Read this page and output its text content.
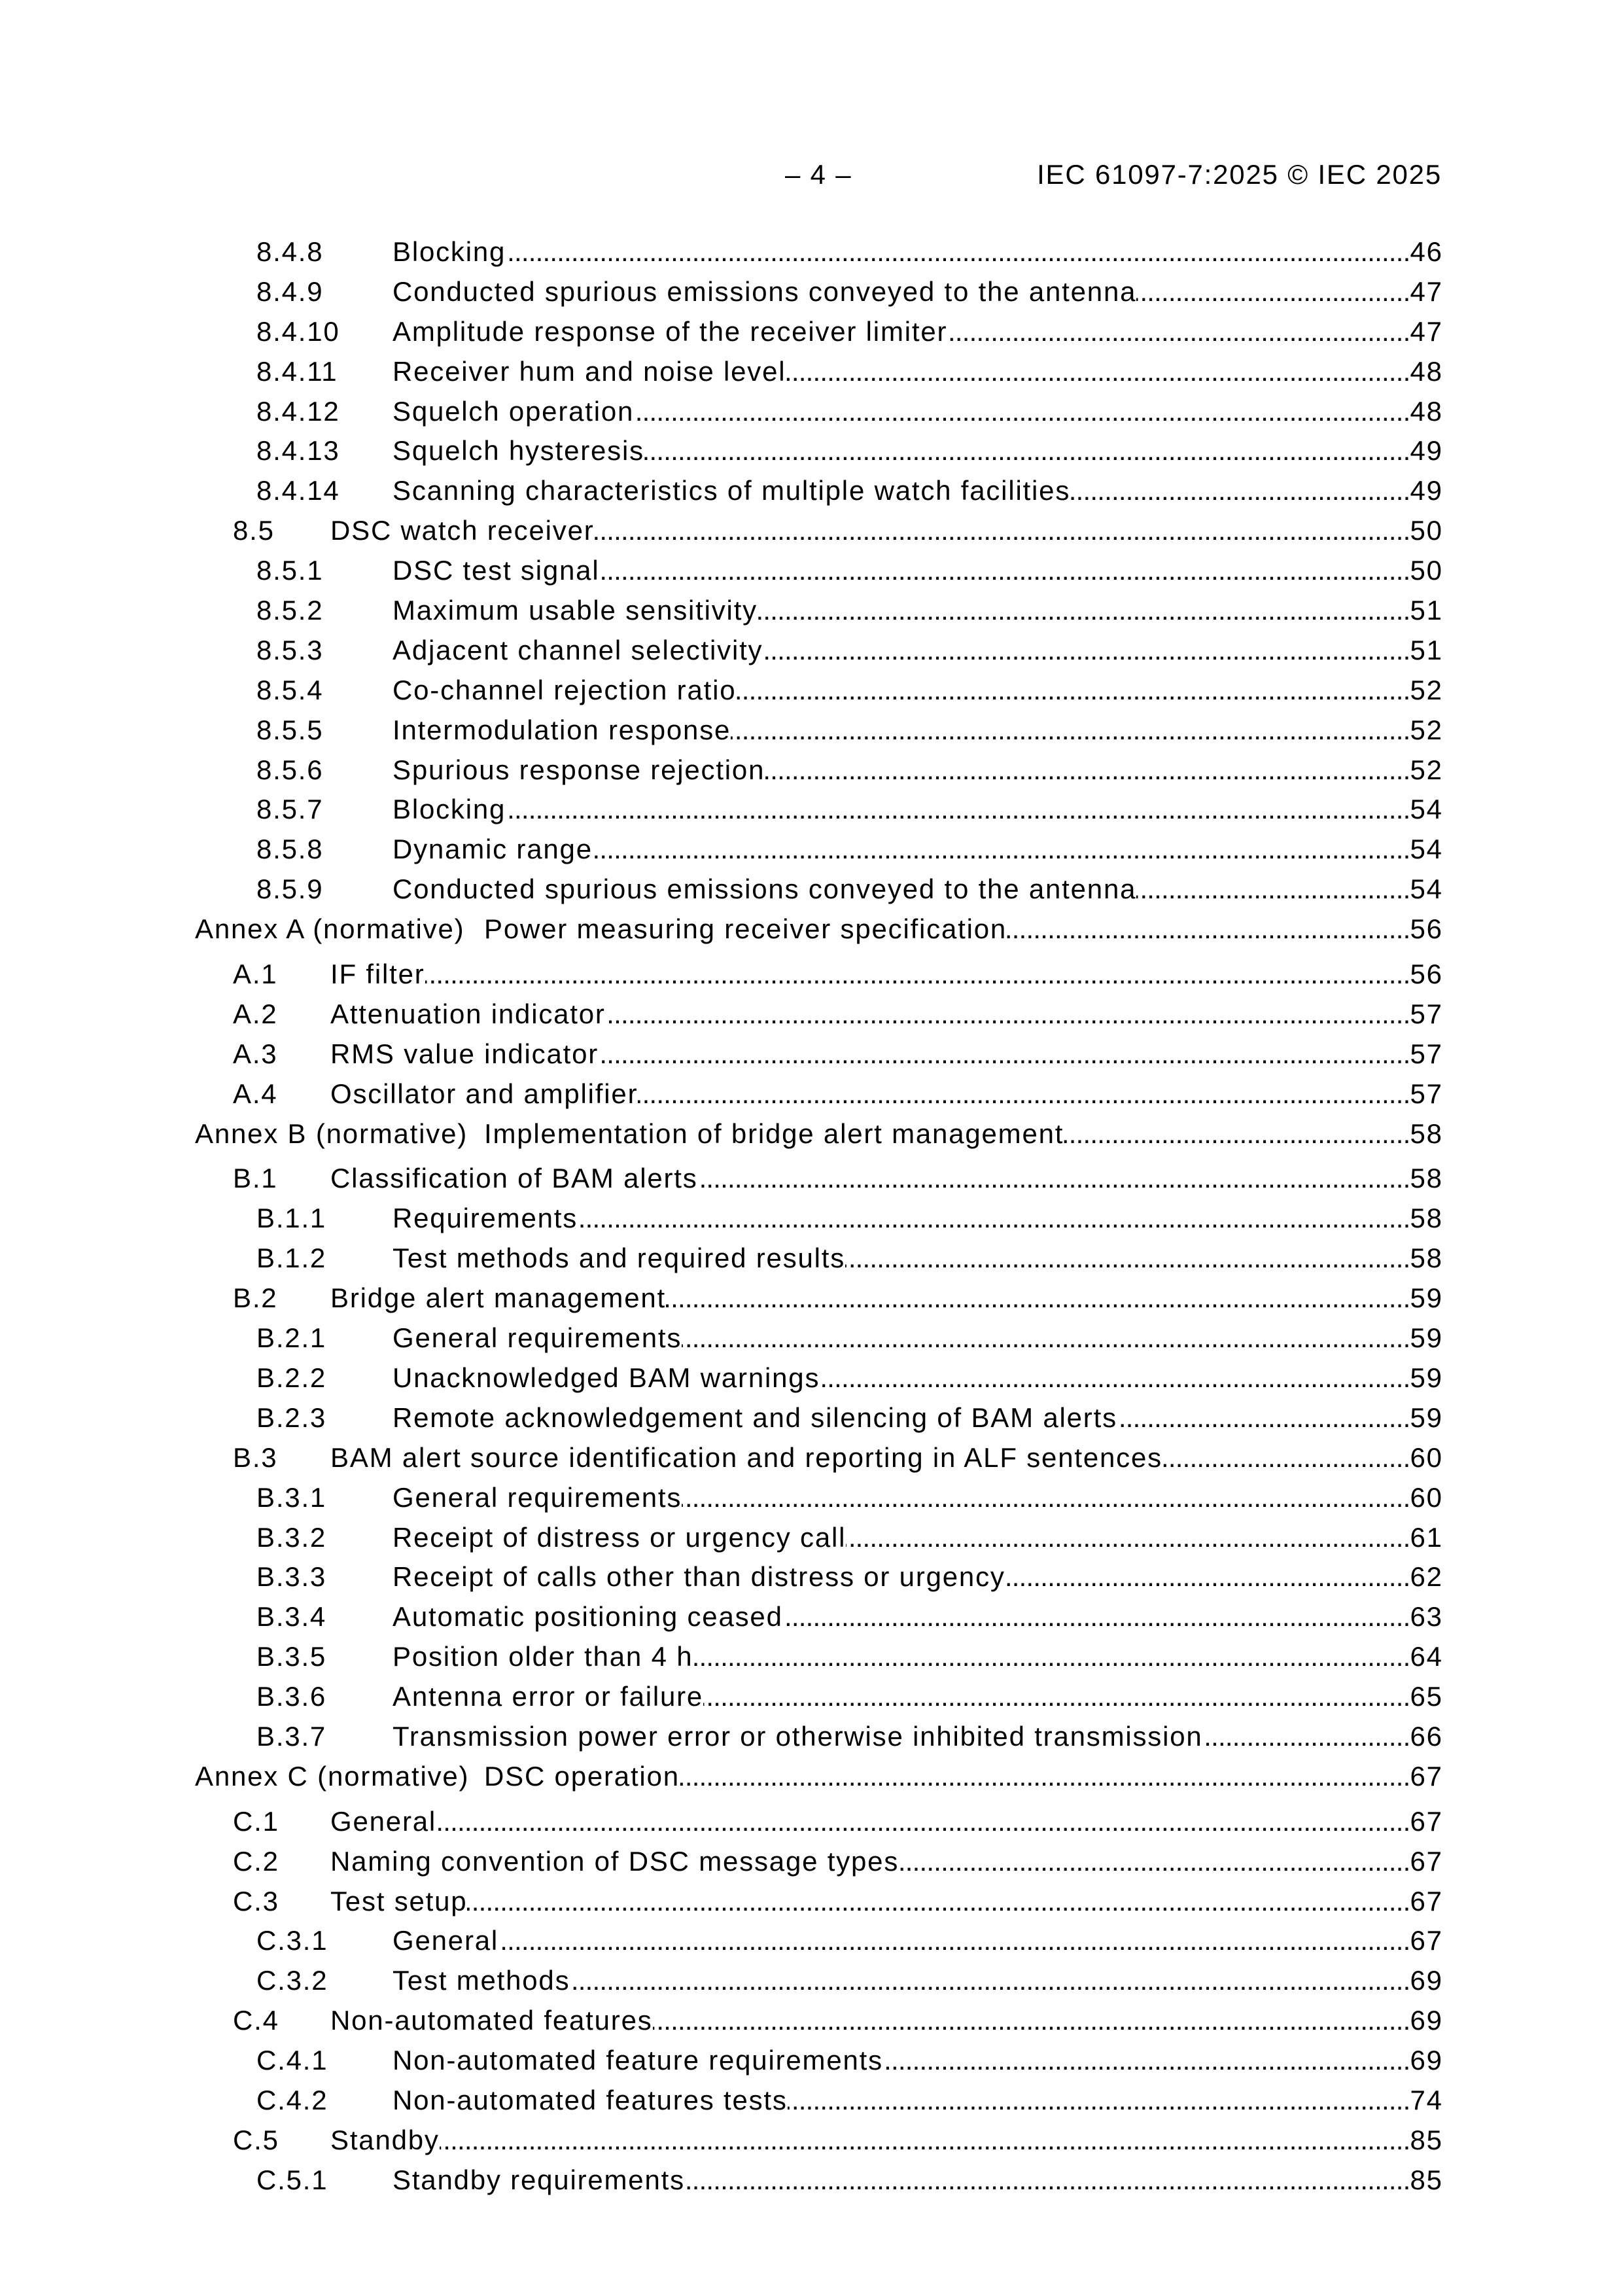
– 4 –	IEC 61097-7:2025 © IEC 2025
8.4.8	Blocking .....	46
8.4.9	Conducted spurious emissions conveyed to the antenna .....	47
8.4.10 Amplitude response of the receiver limiter .....	47
8.4.11 Receiver hum and noise level .....	48
8.4.12 Squelch operation .....	48
8.4.13 Squelch hysteresis .....	49
8.4.14 Scanning characteristics of multiple watch facilities .....	49
8.5 DSC watch receiver .....	50
8.5.1	DSC test signal .....	50
8.5.2	Maximum usable sensitivity .....	51
8.5.3	Adjacent channel selectivity .....	51
8.5.4	Co-channel rejection ratio .....	52
8.5.5	Intermodulation response .....	52
8.5.6	Spurious response rejection .....	52
8.5.7	Blocking .....	54
8.5.8	Dynamic range .....	54
8.5.9	Conducted spurious emissions conveyed to the antenna .....	54
Annex A (normative) Power measuring receiver specification .....	56
A.1 IF filter .....	56
A.2 Attenuation indicator .....	57
A.3 RMS value indicator .....	57
A.4 Oscillator and amplifier .....	57
Annex B (normative) Implementation of bridge alert management .....	58
B.1 Classification of BAM alerts .....	58
B.1.1 Requirements .....	58
B.1.2 Test methods and required results .....	58
B.2 Bridge alert management .....	59
B.2.1 General requirements .....	59
B.2.2 Unacknowledged BAM warnings .....	59
B.2.3 Remote acknowledgement and silencing of BAM alerts .....	59
B.3 BAM alert source identification and reporting in ALF sentences .....	60
B.3.1 General requirements .....	60
B.3.2 Receipt of distress or urgency call .....	61
B.3.3 Receipt of calls other than distress or urgency .....	62
B.3.4 Automatic positioning ceased .....	63
B.3.5 Position older than 4 h .....	64
B.3.6 Antenna error or failure .....	65
B.3.7 Transmission power error or otherwise inhibited transmission .....	66
Annex C (normative) DSC operation .....	67
C.1 General .....	67
C.2 Naming convention of DSC message types .....	67
C.3 Test setup .....	67
C.3.1 General .....	67
C.3.2 Test methods .....	69
C.4 Non-automated features .....	69
C.4.1 Non-automated feature requirements .....	69
C.4.2 Non-automated features tests .....	74
C.5 Standby .....	85
C.5.1 Standby requirements .....	85
